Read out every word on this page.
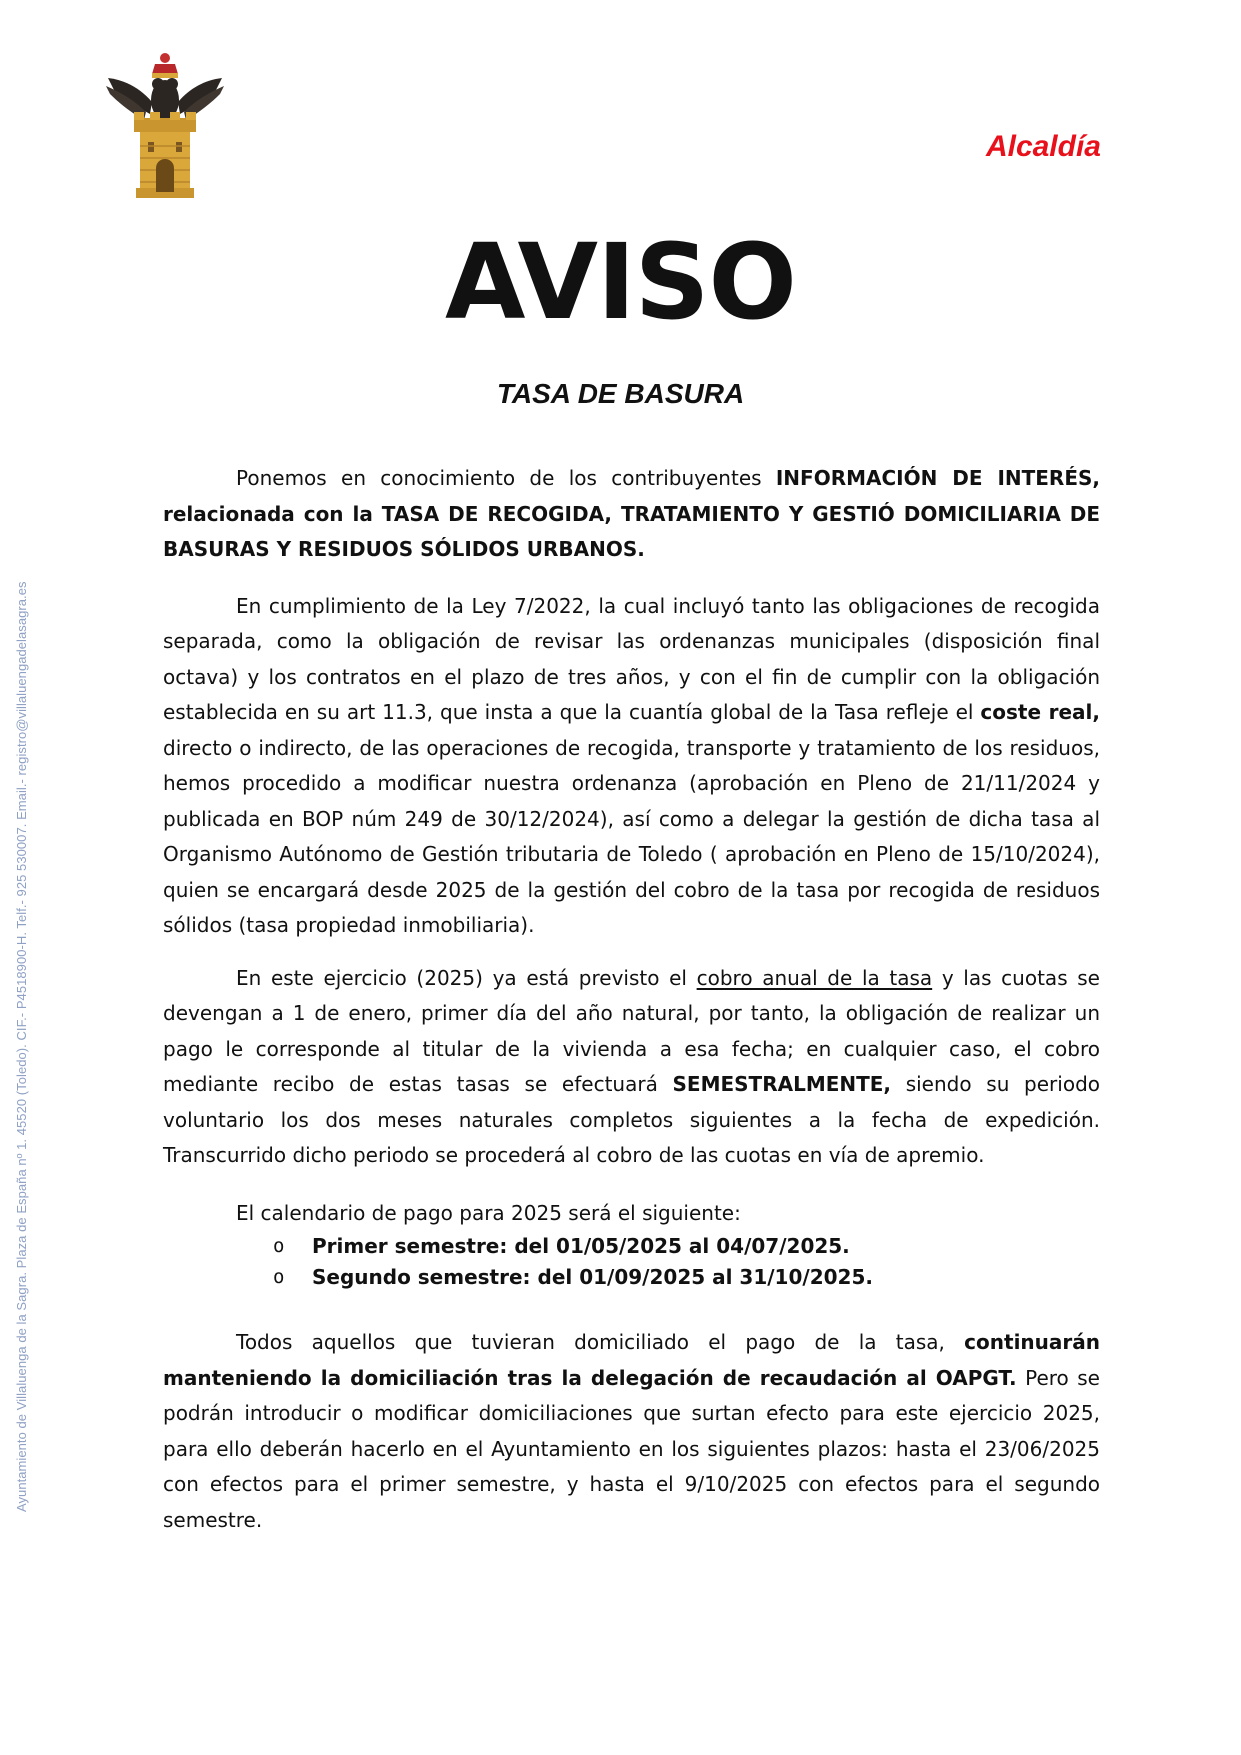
Alcaldía
Ayuntamiento de Villaluenga de la Sagra. Plaza de España nº 1. 45520 (Toledo). CIF.- P4518900-H. Telf.- 925 530007. Email.- registro@villaluengadelasagra.es
AVISO
TASA DE BASURA

Ponemos en conocimiento de los contribuyentes INFORMACIÓN DE INTERÉS, relacionada con la TASA DE RECOGIDA, TRATAMIENTO Y GESTIÓ DOMICILIARIA DE BASURAS Y RESIDUOS SÓLIDOS URBANOS.

En cumplimiento de la Ley 7/2022, la cual incluyó tanto las obligaciones de recogida separada, como la obligación de revisar las ordenanzas municipales (disposición final octava) y los contratos en el plazo de tres años, y con el fin de cumplir con la obligación establecida en su art 11.3, que insta a que la cuantía global de la Tasa refleje el coste real, directo o indirecto, de las operaciones de recogida, transporte y tratamiento de los residuos, hemos procedido a modificar nuestra ordenanza (aprobación en Pleno de 21/11/2024 y publicada en BOP núm 249 de 30/12/2024), así como a delegar la gestión de dicha tasa al Organismo Autónomo de Gestión tributaria de Toledo ( aprobación en Pleno de 15/10/2024), quien se encargará desde 2025 de la gestión del cobro de la tasa por recogida de residuos sólidos (tasa propiedad inmobiliaria).

En este ejercicio (2025) ya está previsto el cobro anual de la tasa y las cuotas se devengan a 1 de enero, primer día del año natural, por tanto, la obligación de realizar un pago le corresponde al titular de la vivienda a esa fecha; en cualquier caso, el cobro mediante recibo de estas tasas se efectuará SEMESTRALMENTE, siendo su periodo voluntario los dos meses naturales completos siguientes a la fecha de expedición. Transcurrido dicho periodo se procederá al cobro de las cuotas en vía de apremio.

El calendario de pago para 2025 será el siguiente:

o Primer semestre: del 01/05/2025 al 04/07/2025.
o Segundo semestre: del 01/09/2025 al 31/10/2025.

Todos aquellos que tuvieran domiciliado el pago de la tasa, continuarán manteniendo la domiciliación tras la delegación de recaudación al OAPGT. Pero se podrán introducir o modificar domiciliaciones que surtan efecto para este ejercicio 2025, para ello deberán hacerlo en el Ayuntamiento en los siguientes plazos: hasta el 23/06/2025 con efectos para el primer semestre, y hasta el 9/10/2025 con efectos para el segundo semestre.
